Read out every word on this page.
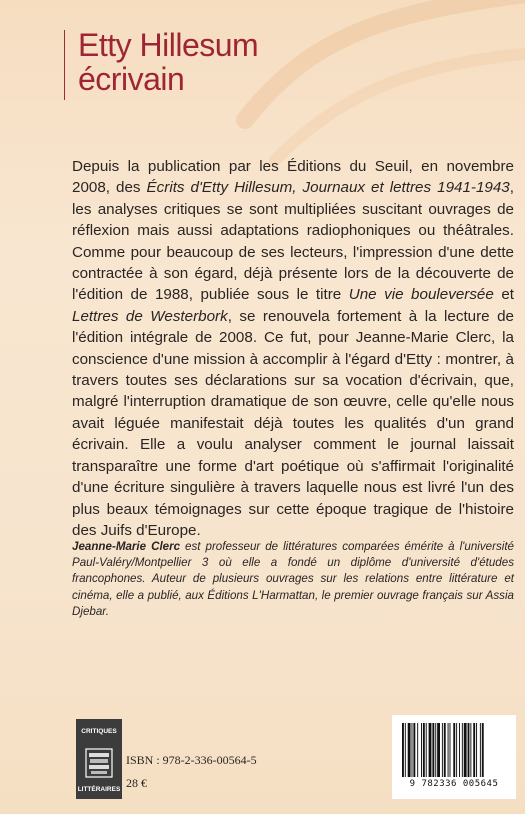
Etty Hillesum
écrivain

Depuis la publication par les Éditions du Seuil, en novembre 2008, des Écrits d'Etty Hillesum, Journaux et lettres 1941-1943, les analyses critiques se sont multipliées suscitant ouvrages de réflexion mais aussi adaptations radiophoniques ou théâtrales. Comme pour beaucoup de ses lecteurs, l'impression d'une dette contractée à son égard, déjà présente lors de la découverte de l'édition de 1988, publiée sous le titre Une vie bouleversée et Lettres de Westerbork, se renouvela fortement à la lecture de l'édition intégrale de 2008. Ce fut, pour Jeanne-Marie Clerc, la conscience d'une mission à accomplir à l'égard d'Etty : montrer, à travers toutes ses déclarations sur sa vocation d'écrivain, que, malgré l'interruption dramatique de son œuvre, celle qu'elle nous avait léguée manifestait déjà toutes les qualités d'un grand écrivain. Elle a voulu analyser comment le journal laissait transparaître une forme d'art poétique où s'affirmait l'originalité d'une écriture singulière à travers laquelle nous est livré l'un des plus beaux témoignages sur cette époque tragique de l'histoire des Juifs d'Europe.

Jeanne-Marie Clerc est professeur de littératures comparées émérite à l'université Paul-Valéry/Montpellier 3 où elle a fondé un diplôme d'université d'études francophones. Auteur de plusieurs ouvrages sur les relations entre littérature et cinéma, elle a publié, aux Éditions L'Harmattan, le premier ouvrage français sur Assia Djebar.

CRITIQUES
LITTÉRAIRES
ISBN : 978-2-336-00564-5
28 €	9 782336 005645
